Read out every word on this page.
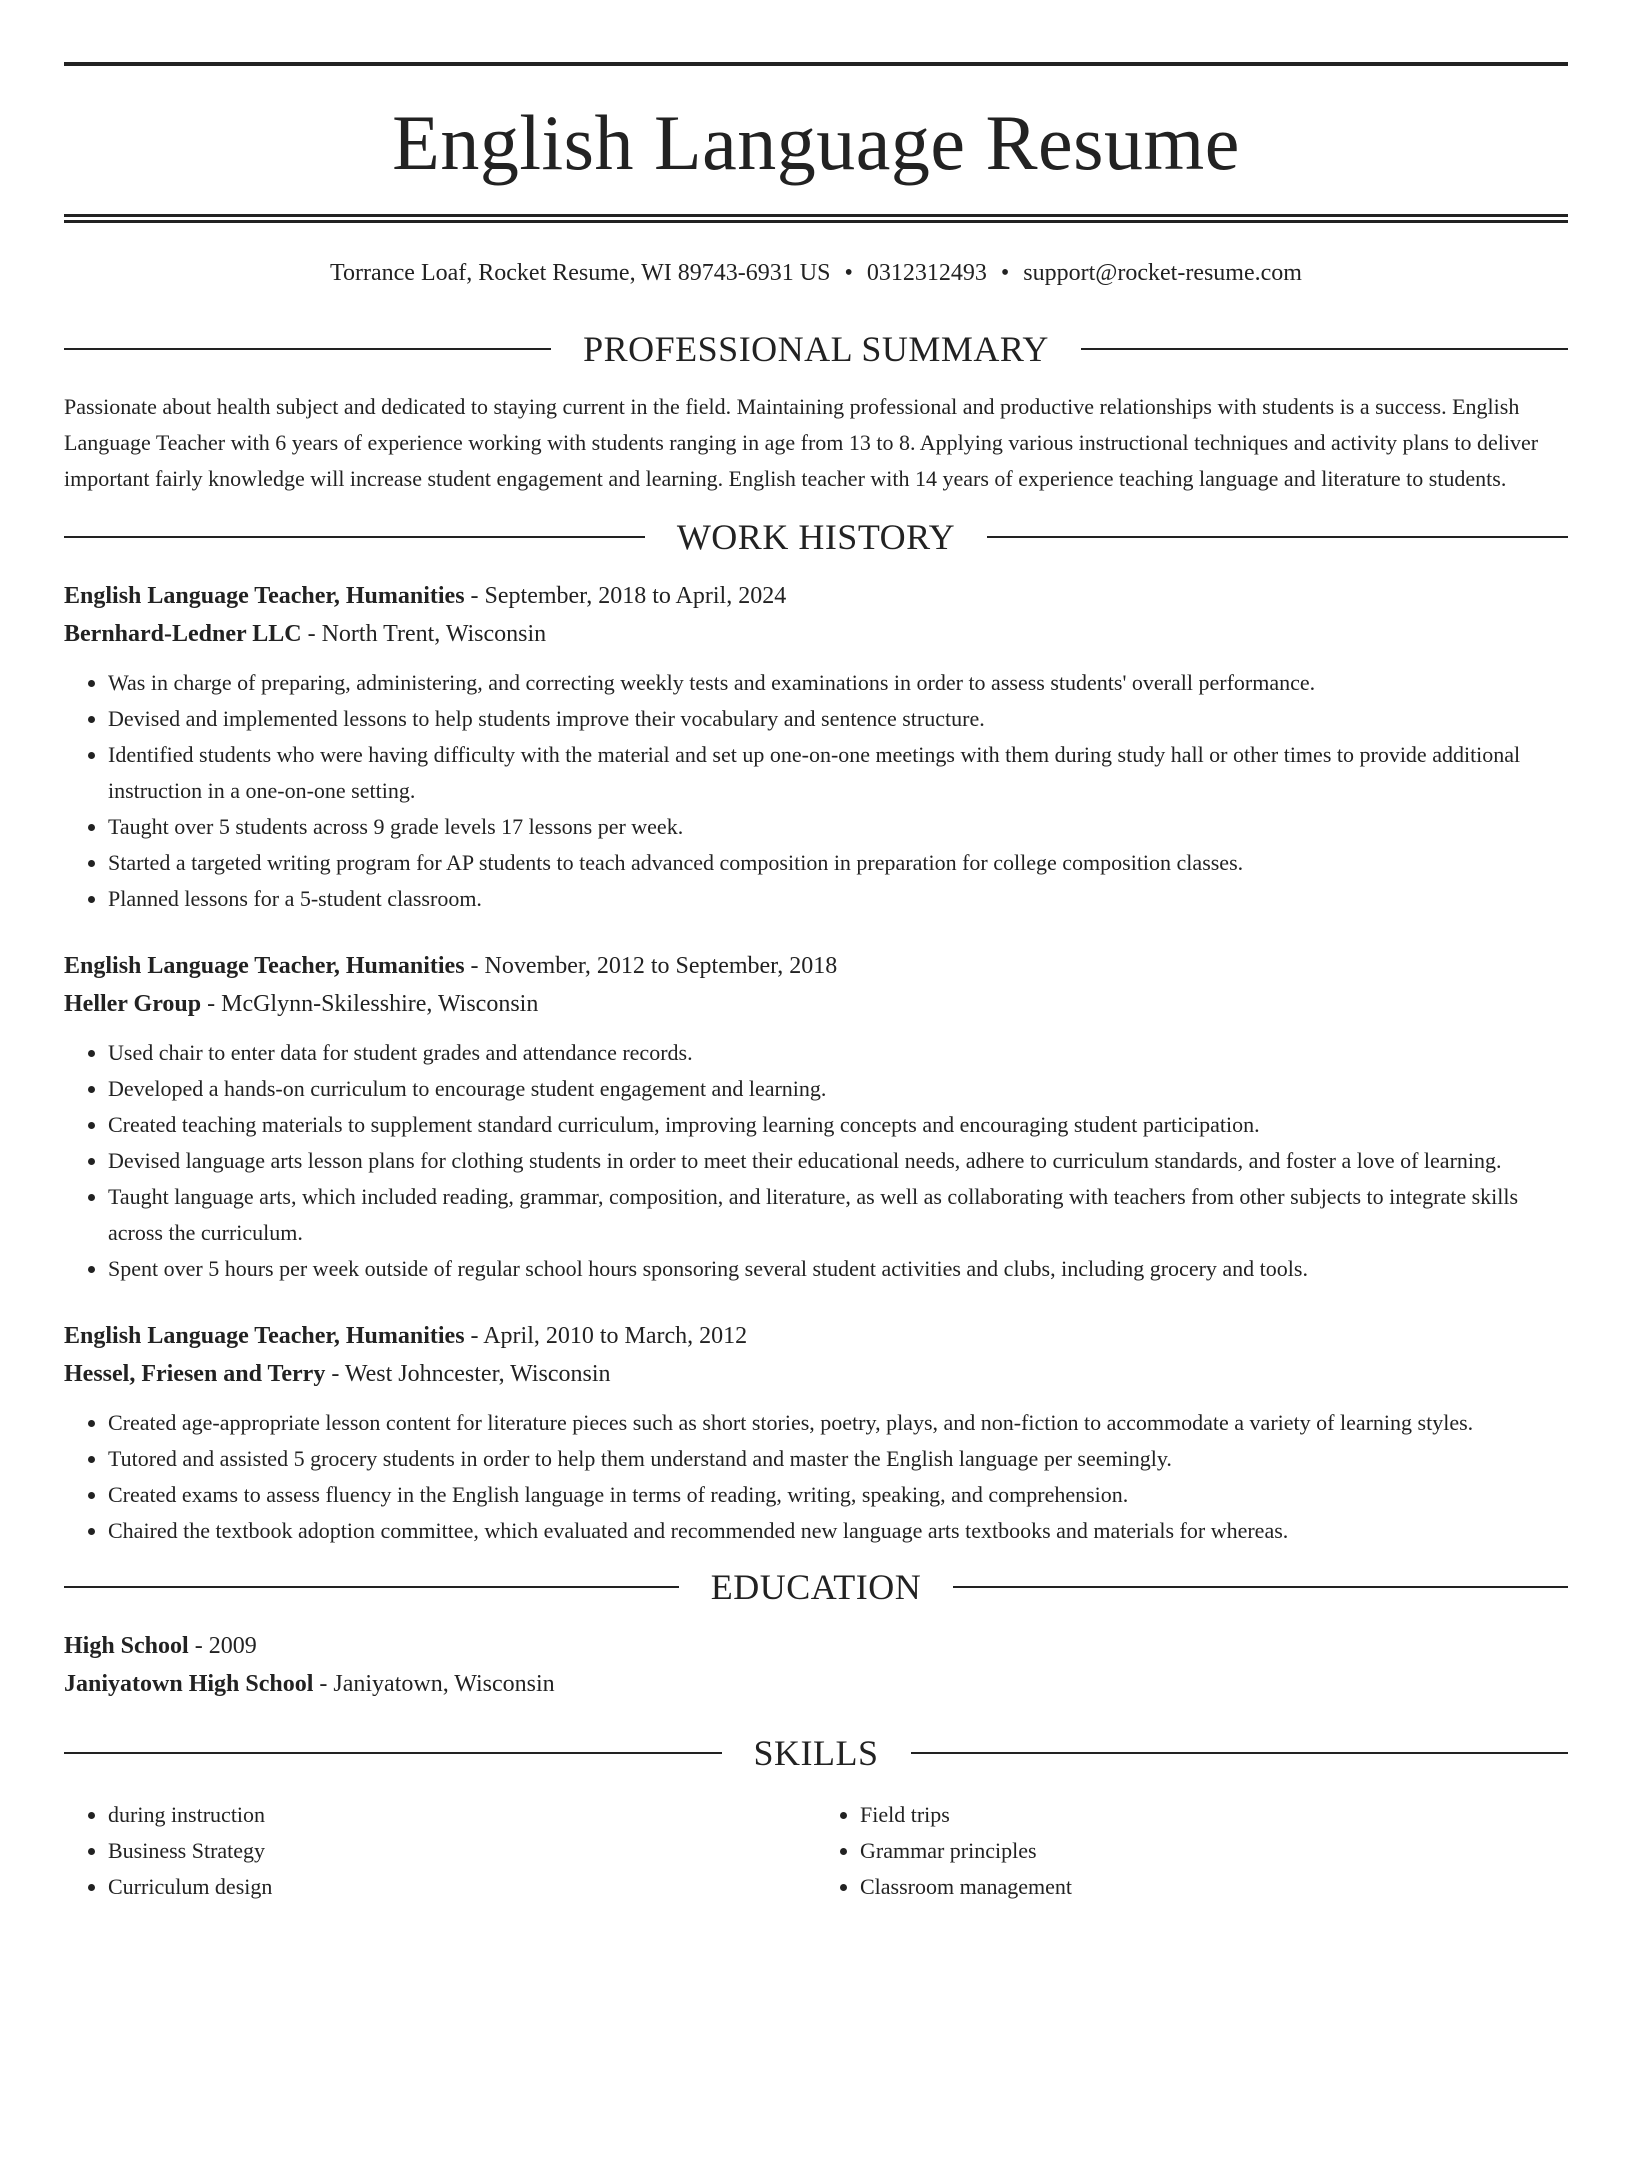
English Language Resume
Torrance Loaf, Rocket Resume, WI 89743-6931 US • 0312312493 • support@rocket-resume.com
PROFESSIONAL SUMMARY

Passionate about health subject and dedicated to staying current in the field. Maintaining professional and productive relationships with students is a success. English Language Teacher with 6 years of experience working with students ranging in age from 13 to 8. Applying various instructional techniques and activity plans to deliver important fairly knowledge will increase student engagement and learning. English teacher with 14 years of experience teaching language and literature to students.

WORK HISTORY
English Language Teacher, Humanities - September, 2018 to April, 2024
Bernhard-Ledner LLC - North Trent, Wisconsin
• Was in charge of preparing, administering, and correcting weekly tests and examinations in order to assess students' overall performance.
• Devised and implemented lessons to help students improve their vocabulary and sentence structure.
• Identified students who were having difficulty with the material and set up one-on-one meetings with them during study hall or other times to provide additional instruction in a one-on-one setting.
• Taught over 5 students across 9 grade levels 17 lessons per week.
• Started a targeted writing program for AP students to teach advanced composition in preparation for college composition classes.
• Planned lessons for a 5-student classroom.
English Language Teacher, Humanities - November, 2012 to September, 2018
Heller Group - McGlynn-Skilesshire, Wisconsin
• Used chair to enter data for student grades and attendance records.
• Developed a hands-on curriculum to encourage student engagement and learning.
• Created teaching materials to supplement standard curriculum, improving learning concepts and encouraging student participation.
• Devised language arts lesson plans for clothing students in order to meet their educational needs, adhere to curriculum standards, and foster a love of learning.
• Taught language arts, which included reading, grammar, composition, and literature, as well as collaborating with teachers from other subjects to integrate skills across the curriculum.
• Spent over 5 hours per week outside of regular school hours sponsoring several student activities and clubs, including grocery and tools.
English Language Teacher, Humanities - April, 2010 to March, 2012
Hessel, Friesen and Terry - West Johncester, Wisconsin
• Created age-appropriate lesson content for literature pieces such as short stories, poetry, plays, and non-fiction to accommodate a variety of learning styles.
• Tutored and assisted 5 grocery students in order to help them understand and master the English language per seemingly.
• Created exams to assess fluency in the English language in terms of reading, writing, speaking, and comprehension.
• Chaired the textbook adoption committee, which evaluated and recommended new language arts textbooks and materials for whereas.
EDUCATION
High School - 2009
Janiyatown High School - Janiyatown, Wisconsin
SKILLS
• during instruction
• Business Strategy
• Curriculum design
• Field trips
• Grammar principles
• Classroom management
